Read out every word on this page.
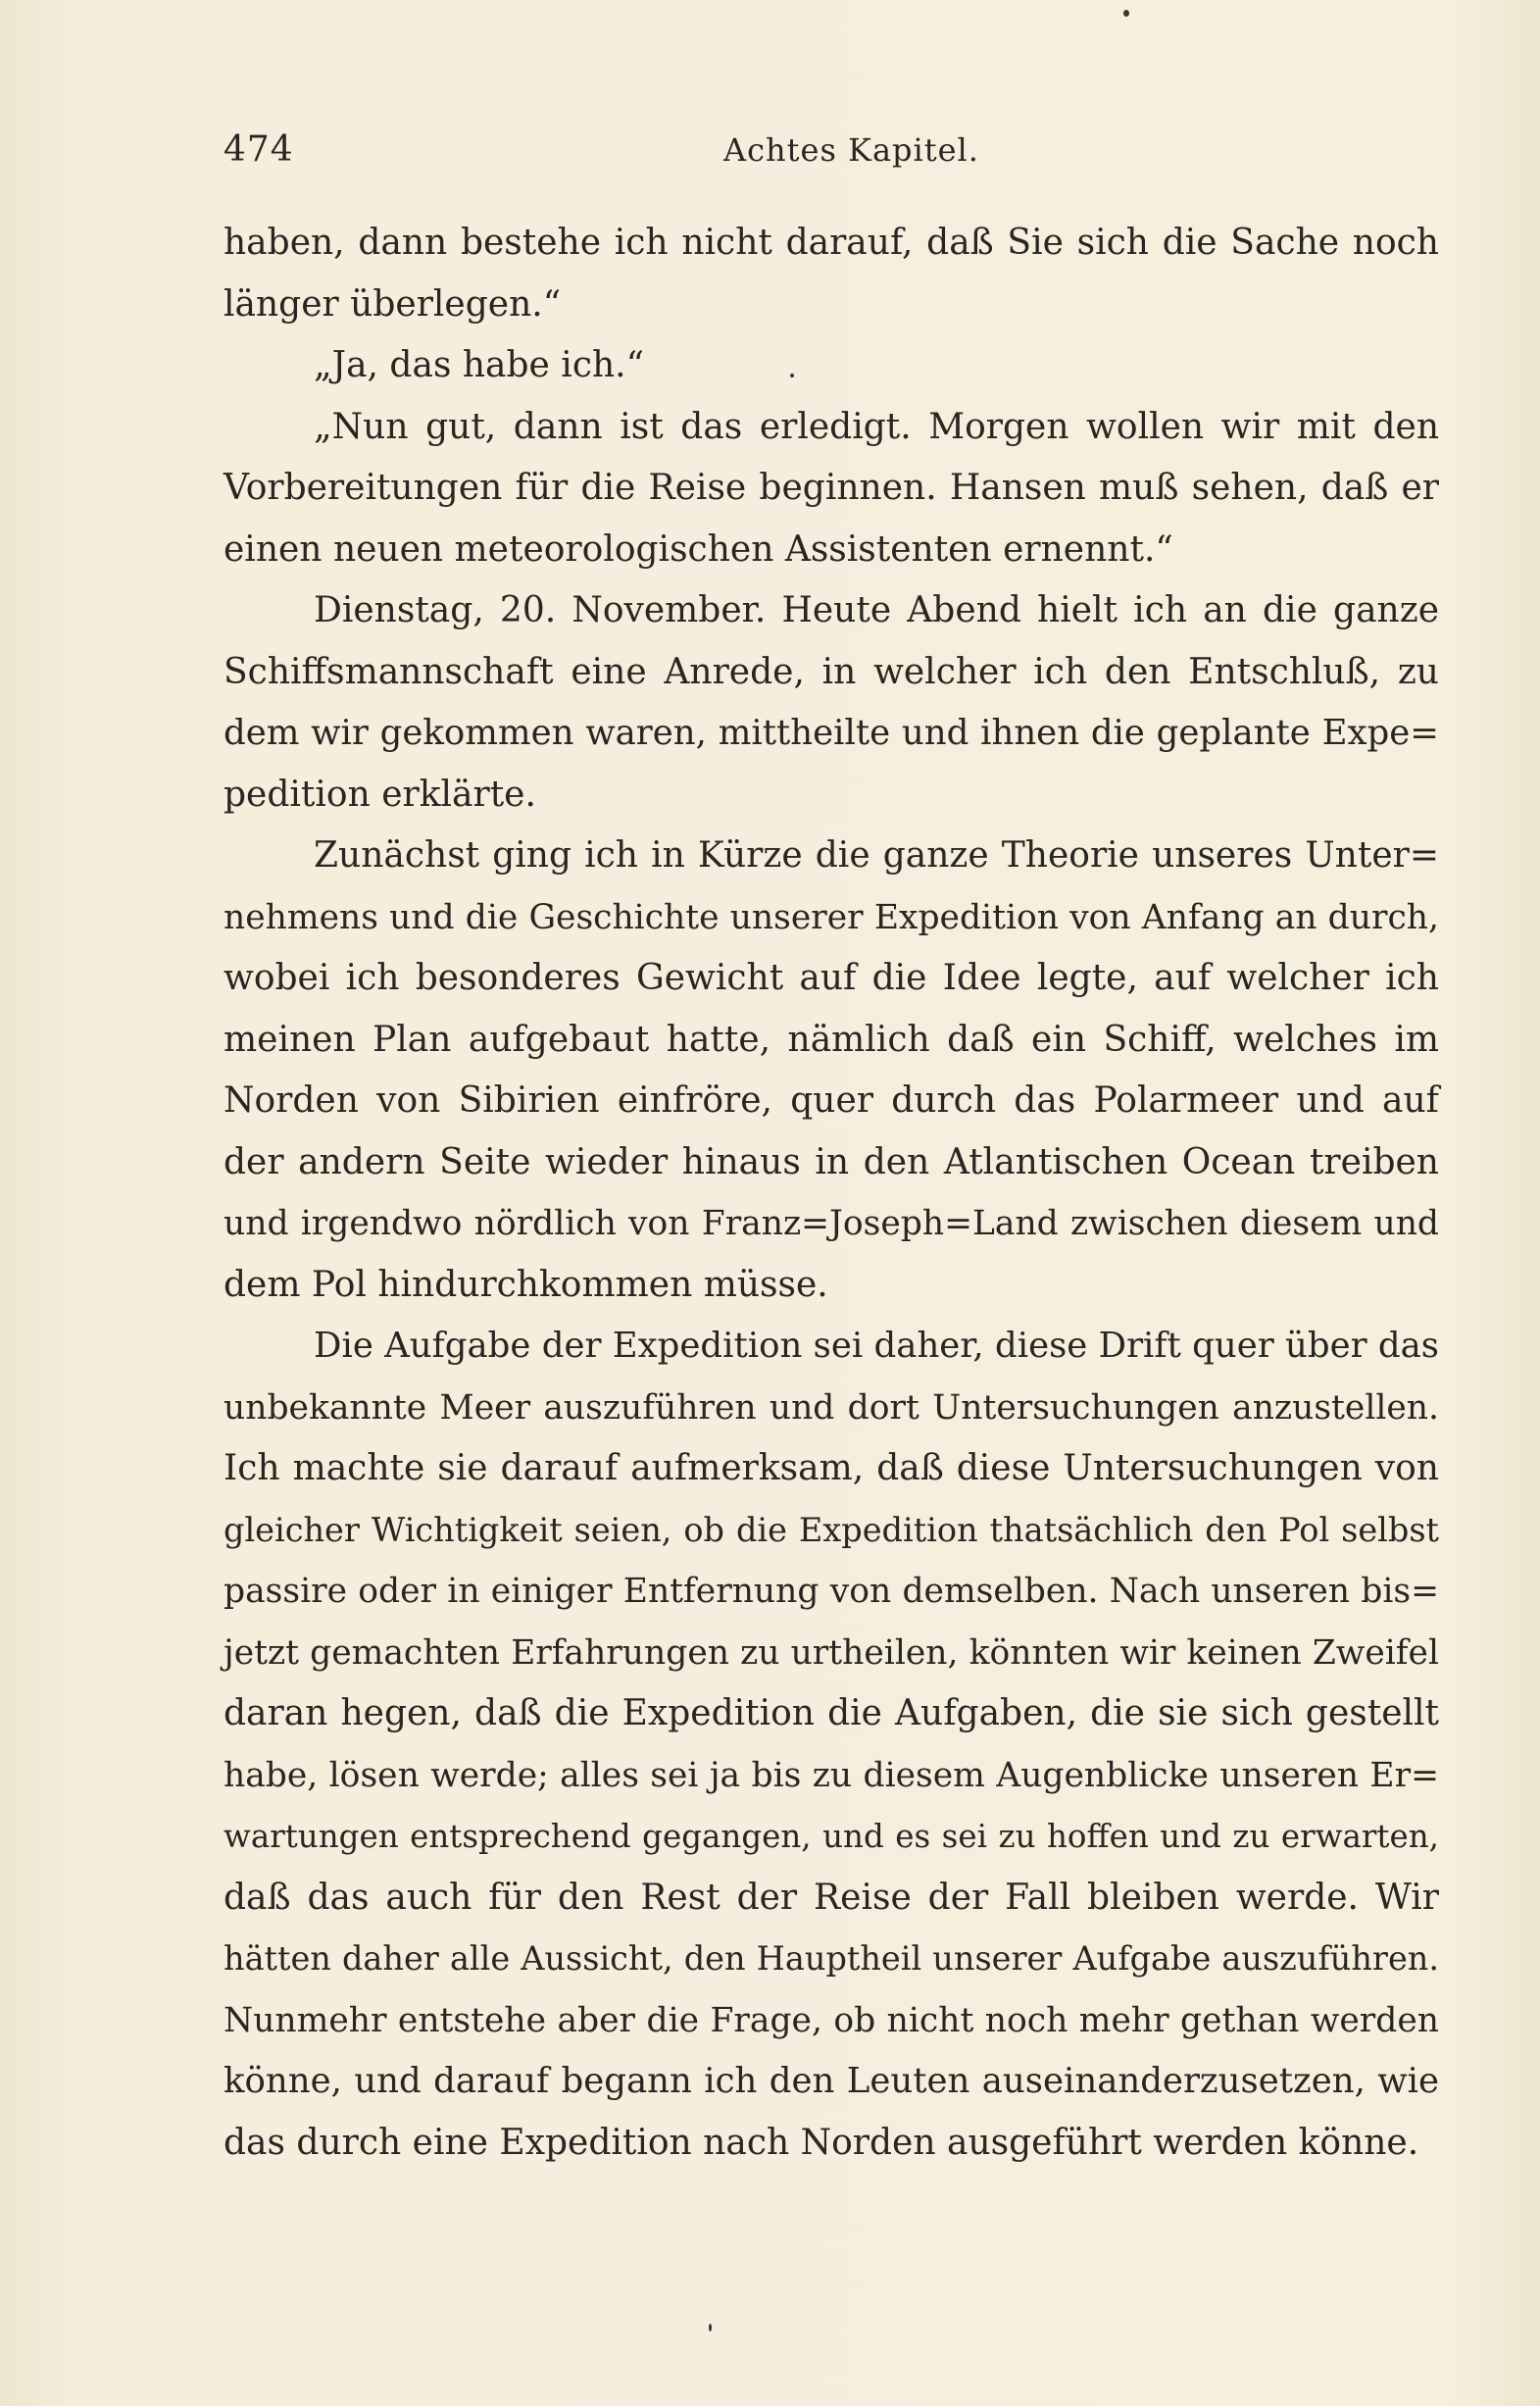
474	Achtes Kapitel.
haben, dann bestehe ich nicht darauf, daß Sie sich die Sache noch
länger überlegen.“
„Ja, das habe ich.“
„Nun gut, dann ist das erledigt. Morgen wollen wir mit den
Vorbereitungen für die Reise beginnen. Hansen muß sehen, daß er
einen neuen meteorologischen Assistenten ernennt.“
Dienstag, 20. November. Heute Abend hielt ich an die ganze
Schiffsmannschaft eine Anrede, in welcher ich den Entschluß, zu
dem wir gekommen waren, mittheilte und ihnen die geplante Expe=
pedition erklärte.
Zunächst ging ich in Kürze die ganze Theorie unseres Unter=
nehmens und die Geschichte unserer Expedition von Anfang an durch,
wobei ich besonderes Gewicht auf die Idee legte, auf welcher ich
meinen Plan aufgebaut hatte, nämlich daß ein Schiff, welches im
Norden von Sibirien einfröre, quer durch das Polarmeer und auf
der andern Seite wieder hinaus in den Atlantischen Ocean treiben
und irgendwo nördlich von Franz=Joseph=Land zwischen diesem und
dem Pol hindurchkommen müsse.
Die Aufgabe der Expedition sei daher, diese Drift quer über das
unbekannte Meer auszuführen und dort Untersuchungen anzustellen.
Ich machte sie darauf aufmerksam, daß diese Untersuchungen von
gleicher Wichtigkeit seien, ob die Expedition thatsächlich den Pol selbst
passire oder in einiger Entfernung von demselben. Nach unseren bis=
jetzt gemachten Erfahrungen zu urtheilen, könnten wir keinen Zweifel
daran hegen, daß die Expedition die Aufgaben, die sie sich gestellt
habe, lösen werde; alles sei ja bis zu diesem Augenblicke unseren Er=
wartungen entsprechend gegangen, und es sei zu hoffen und zu erwarten,
daß das auch für den Rest der Reise der Fall bleiben werde. Wir
hätten daher alle Aussicht, den Hauptheil unserer Aufgabe auszuführen.
Nunmehr entstehe aber die Frage, ob nicht noch mehr gethan werden
könne, und darauf begann ich den Leuten auseinanderzusetzen, wie
das durch eine Expedition nach Norden ausgeführt werden könne.
